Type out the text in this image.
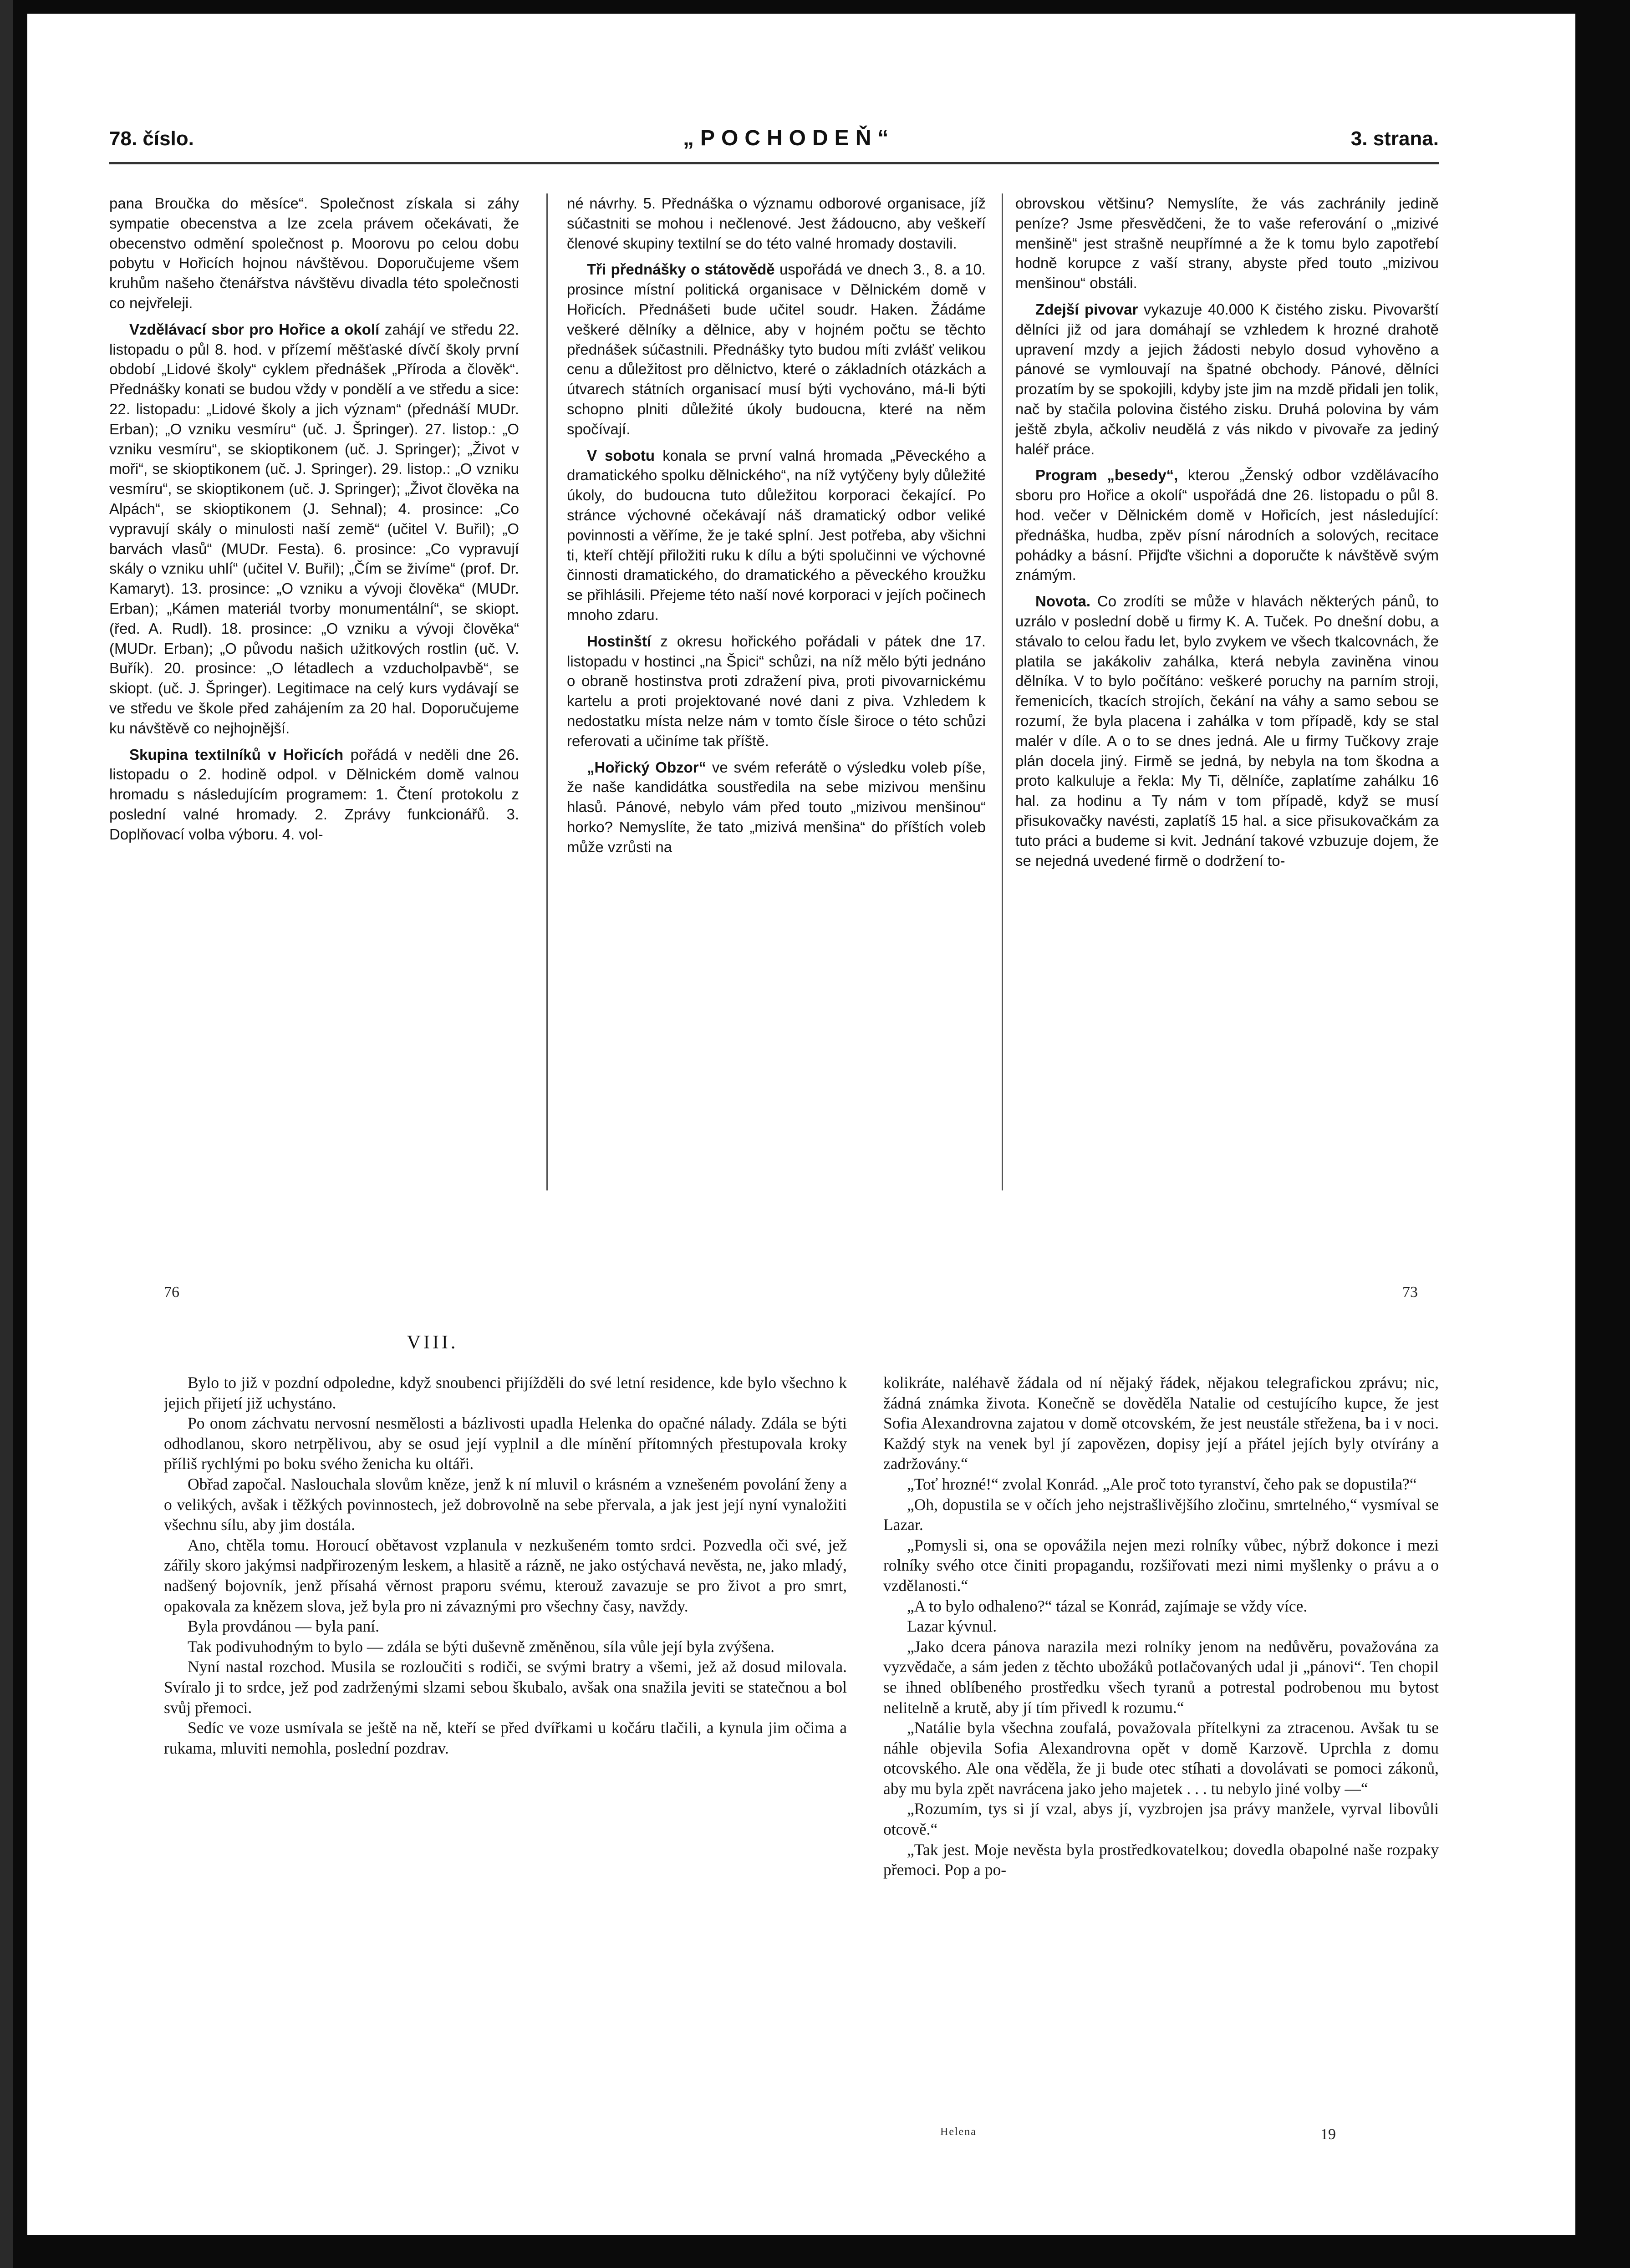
78. číslo.	„POCHODEŇ“	3. strana.

pana Broučka do měsíce“. Společnost získala si záhy sympatie obecenstva a lze zcela právem očekávati, že obecenstvo odmění společnost p. Moorovu po celou dobu pobytu v Hořicích hojnou návštěvou. Doporučujeme všem kruhům našeho čtenářstva návštěvu divadla této společnosti co nejvřeleji.

Vzdělávací sbor pro Hořice a okolí zahájí ve středu 22. listopadu o půl 8. hod. v přízemí měšťaské dívčí školy první období „Lidové školy“ cyklem přednášek „Příroda a člověk“. Přednášky konati se budou vždy v pondělí a ve středu a sice: 22. listopadu: „Lidové školy a jich význam“ (přednáší MUDr. Erban); „O vzniku vesmíru“ (uč. J. Špringer). 27. listop.: „O vzniku vesmíru“, se skioptikonem (uč. J. Springer); „Život v moři“, se skioptikonem (uč. J. Springer). 29. listop.: „O vzniku vesmíru“, se skioptikonem (uč. J. Springer); „Život člověka na Alpách“, se skioptikonem (J. Sehnal); 4. prosince: „Co vypravují skály o minulosti naší země“ (učitel V. Buřil); „O barvách vlasů“ (MUDr. Festa). 6. prosince: „Co vypravují skály o vzniku uhlí“ (učitel V. Buřil); „Čím se živíme“ (prof. Dr. Kamaryt). 13. prosince: „O vzniku a vývoji člověka“ (MUDr. Erban); „Kámen materiál tvorby monumentální“, se skiopt. (řed. A. Rudl). 18. prosince: „O vzniku a vývoji člověka“ (MUDr. Erban); „O původu našich užitkových rostlin (uč. V. Buřík). 20. prosince: „O létadlech a vzducholpavbě“, se skiopt. (uč. J. Špringer). Legitimace na celý kurs vydávají se ve středu ve škole před zahájením za 20 hal. Doporučujeme ku návštěvě co nejhojnější.

Skupina textilníků v Hořicích pořádá v neděli dne 26. listopadu o 2. hodině odpol. v Dělnickém domě valnou hromadu s následujícím programem: 1. Čtení protokolu z poslední valné hromady. 2. Zprávy funkcionářů. 3. Doplňovací volba výboru. 4. vol-

né návrhy. 5. Přednáška o významu odborové organisace, jíž súčastniti se mohou i nečlenové. Jest žádoucno, aby veškeří členové skupiny textilní se do této valné hromady dostavili.

Tři přednášky o státovědě uspořádá ve dnech 3., 8. a 10. prosince místní politická organisace v Dělnickém domě v Hořicích. Přednášeti bude učitel soudr. Haken. Žádáme veškeré dělníky a dělnice, aby v hojném počtu se těchto přednášek súčastnili. Přednášky tyto budou míti zvlášť velikou cenu a důležitost pro dělnictvo, které o základních otázkách a útvarech státních organisací musí býti vychováno, má-li býti schopno plniti důležité úkoly budoucna, které na něm spočívají.

V sobotu konala se první valná hromada „Pěveckého a dramatického spolku dělnického“, na níž vytýčeny byly důležité úkoly, do budoucna tuto důležitou korporaci čekající. Po stránce výchovné očekávají náš dramatický odbor veliké povinnosti a věříme, že je také splní. Jest potřeba, aby všichni ti, kteří chtějí přiložiti ruku k dílu a býti spolučinni ve výchovné činnosti dramatického, do dramatického a pěveckého kroužku se přihlásili. Přejeme této naší nové korporaci v jejích počinech mnoho zdaru.

Hostinští z okresu hořického pořádali v pátek dne 17. listopadu v hostinci „na Špici“ schůzi, na níž mělo býti jednáno o obraně hostinstva proti zdražení piva, proti pivovarnickému kartelu a proti projektované nové dani z piva. Vzhledem k nedostatku místa nelze nám v tomto čísle široce o této schůzi referovati a učiníme tak příště.

„Hořický Obzor“ ve svém referátě o výsledku voleb píše, že naše kandidátka soustředila na sebe mizivou menšinu hlasů. Pánové, nebylo vám před touto „mizivou menšinou“ horko? Nemyslíte, že tato „mizivá menšina“ do příštích voleb může vzrůsti na

obrovskou většinu? Nemyslíte, že vás zachránily jedině peníze? Jsme přesvědčeni, že to vaše referování o „mizivé menšině“ jest strašně neupřímné a že k tomu bylo zapotřebí hodně korupce z vaší strany, abyste před touto „mizivou menšinou“ obstáli.

Zdejší pivovar vykazuje 40.000 K čistého zisku. Pivovarští dělníci již od jara domáhají se vzhledem k hrozné drahotě upravení mzdy a jejich žádosti nebylo dosud vyhověno a pánové se vymlouvají na špatné obchody. Pánové, dělníci prozatím by se spokojili, kdyby jste jim na mzdě přidali jen tolik, nač by stačila polovina čistého zisku. Druhá polovina by vám ještě zbyla, ačkoliv neudělá z vás nikdo v pivovaře za jediný haléř práce.

Program „besedy“, kterou „Ženský odbor vzdělávacího sboru pro Hořice a okolí“ uspořádá dne 26. listopadu o půl 8. hod. večer v Dělnickém domě v Hořicích, jest následující: přednáška, hudba, zpěv písní národních a solových, recitace pohádky a básní. Přijďte všichni a doporučte k návštěvě svým známým.

Novota. Co zrodíti se může v hlavách některých pánů, to uzrálo v poslední době u firmy K. A. Tuček. Po dnešní dobu, a stávalo to celou řadu let, bylo zvykem ve všech tkalcovnách, že platila se jakákoliv zahálka, která nebyla zaviněna vinou dělníka. V to bylo počítáno: veškeré poruchy na parním stroji, řemenicích, tkacích strojích, čekání na váhy a samo sebou se rozumí, že byla placena i zahálka v tom případě, kdy se stal malér v díle. A o to se dnes jedná. Ale u firmy Tučkovy zraje plán docela jiný. Firmě se jedná, by nebyla na tom škodna a proto kalkuluje a řekla: My Ti, dělníče, zaplatíme zahálku 16 hal. za hodinu a Ty nám v tom případě, když se musí přisukovačky navésti, zaplatíš 15 hal. a sice přisukovačkám za tuto práci a budeme si kvit. Jednání takové vzbuzuje dojem, že se nejedná uvedené firmě o dodržení to-

76	73
VIII.

Bylo to již v pozdní odpoledne, když snoubenci přijížděli do své letní residence, kde bylo všechno k jejich přijetí již uchystáno.

Po onom záchvatu nervosní nesmělosti a bázlivosti upadla Helenka do opačné nálady. Zdála se býti odhodlanou, skoro netrpělivou, aby se osud její vyplnil a dle mínění přítomných přestupovala kroky příliš rychlými po boku svého ženicha ku oltáři.

Obřad započal. Naslouchala slovům kněze, jenž k ní mluvil o krásném a vznešeném povolání ženy a o velikých, avšak i těžkých povinnostech, jež dobrovolně na sebe přervala, a jak jest její nyní vynaložiti všechnu sílu, aby jim dostála.

Ano, chtěla tomu. Horoucí obětavost vzplanula v nezkušeném tomto srdci. Pozvedla oči své, jež zářily skoro jakýmsi nadpřirozeným leskem, a hlasitě a rázně, ne jako ostýchavá nevěsta, ne, jako mladý, nadšený bojovník, jenž přísahá věrnost praporu svému, kterouž zavazuje se pro život a pro smrt, opakovala za knězem slova, jež byla pro ni závaznými pro všechny časy, navždy.

Byla provdánou — byla paní.

Tak podivuhodným to bylo — zdála se býti duševně změněnou, síla vůle její byla zvýšena.

Nyní nastal rozchod. Musila se rozloučiti s rodiči, se svými bratry a všemi, jež až dosud milovala. Svíralo ji to srdce, jež pod zadrženými slzami sebou škubalo, avšak ona snažila jeviti se statečnou a bol svůj přemoci.

Sedíc ve voze usmívala se ještě na ně, kteří se před dvířkami u kočáru tlačili, a kynula jim očima a rukama, mluviti nemohla, poslední pozdrav.

kolikráte, naléhavě žádala od ní nějaký řádek, nějakou telegrafickou zprávu; nic, žádná známka života. Konečně se dověděla Natalie od cestujícího kupce, že jest Sofia Alexandrovna zajatou v domě otcovském, že jest neustále střežena, ba i v noci. Každý styk na venek byl jí zapovězen, dopisy její a přátel jejích byly otvírány a zadržovány.“

„Toť hrozné!“ zvolal Konrád. „Ale proč toto tyranství, čeho pak se dopustila?“

„Oh, dopustila se v očích jeho nejstrašlivějšího zločinu, smrtelného,“ vysmíval se Lazar.

„Pomysli si, ona se opovážila nejen mezi rolníky vůbec, nýbrž dokonce i mezi rolníky svého otce činiti propagandu, rozšiřovati mezi nimi myšlenky o právu a o vzdělanosti.“

„A to bylo odhaleno?“ tázal se Konrád, zajímaje se vždy více.

Lazar kývnul.

„Jako dcera pánova narazila mezi rolníky jenom na nedůvěru, považována za vyzvědače, a sám jeden z těchto ubožáků potlačovaných udal ji „pánovi“. Ten chopil se ihned oblíbeného prostředku všech tyranů a potrestal podrobenou mu bytost nelitelně a krutě, aby jí tím přivedl k rozumu.“

„Natálie byla všechna zoufalá, považovala přítelkyni za ztracenou. Avšak tu se náhle objevila Sofia Alexandrovna opět v domě Karzově. Uprchla z domu otcovského. Ale ona věděla, že ji bude otec stíhati a dovolávati se pomoci zákonů, aby mu byla zpět navrácena jako jeho majetek . . . tu nebylo jiné volby —“

„Rozumím, tys si jí vzal, abys jí, vyzbrojen jsa právy manžele, vyrval libovůli otcově.“

„Tak jest. Moje nevěsta byla prostředkovatelkou; dovedla obapolné naše rozpaky přemoci. Pop a po-

Helena	19
